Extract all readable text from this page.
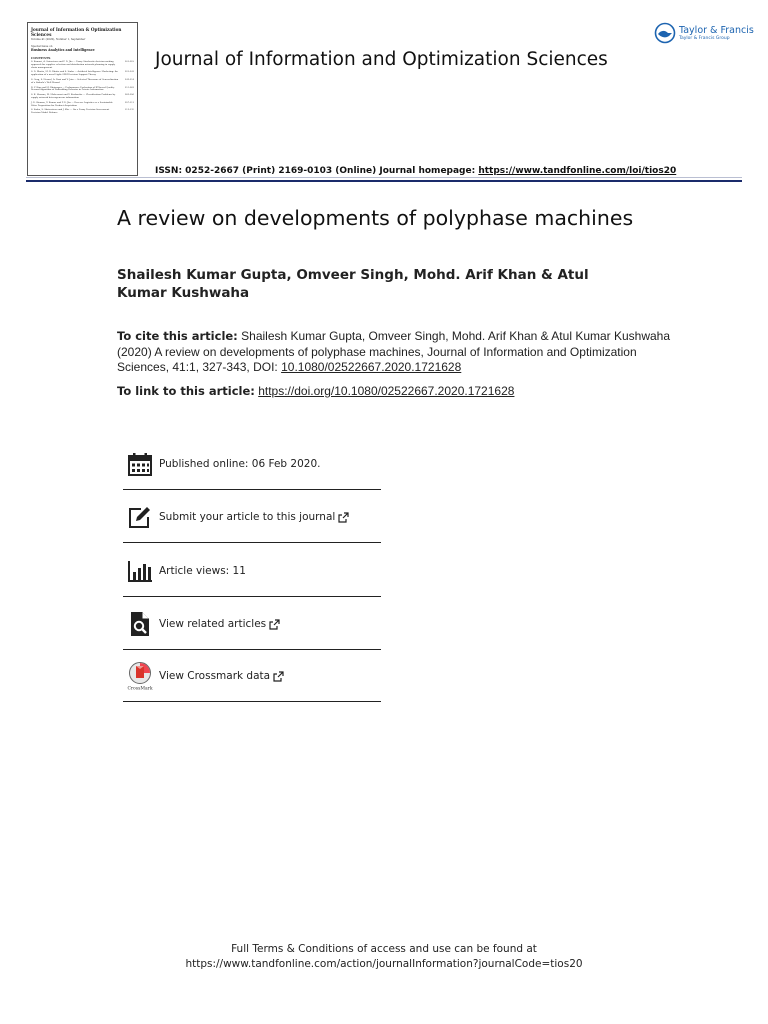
Journal of Information & Optimization Sciences
Volume 41 (2020), Number 1, September
Special Issue on
Business Analytics and Intelligence
CONTENTS
S. Kumari, A. Srivastava and P. D. Jha — Fuzzy Stochastic decision making approach for supplier selection and distribution network planning in supply chain management
001-019
S. D. Bhatia, M. B. Bhatia and S. Sinha — Artificial Intelligence Marketing: An application of a novel Light-GBM Decision Support Theory
021-041
S. Garg, S. Narwal, A. Rani and V. Jain — Selected Theorems of Generalization of a Sinhala's Well Monad
043-054
B. Y. Kim and M. Bhatnagar — Performance Evaluation of BT-based Quality Reward Algorithm of Embedding Behavior in Private Information
055-081
S. K. Sharma, M. Maheswari and V. Kushwaha — Classification Problems by supply network heterogeneous information
083-096
J. D. Sharma, V. Kumar and P. D. Jha — Reverse Logistics as a Sustainable Value Proposition for Product Acquisition
097-111
S. Sinha, S. Shrivastava and J. Khe — On a Fuzzy Decision Assessment Decision Model Balance
113-135
Journal of Information and Optimization Sciences
Taylor & Francis
Taylor & Francis Group
ISSN: 0252-2667 (Print) 2169-0103 (Online) Journal homepage: https://www.tandfonline.com/loi/tios20
A review on developments of polyphase machines
Shailesh Kumar Gupta, Omveer Singh, Mohd. Arif Khan & Atul Kumar Kushwaha
To cite this article: Shailesh Kumar Gupta, Omveer Singh, Mohd. Arif Khan & Atul Kumar Kushwaha (2020) A review on developments of polyphase machines, Journal of Information and Optimization Sciences, 41:1, 327-343, DOI: 10.1080/02522667.2020.1721628
To link to this article: https://doi.org/10.1080/02522667.2020.1721628
Published online: 06 Feb 2020.
Submit your article to this journal
Article views: 11
View related articles
CrossMark
View Crossmark data
Full Terms & Conditions of access and use can be found at
https://www.tandfonline.com/action/journalInformation?journalCode=tios20
